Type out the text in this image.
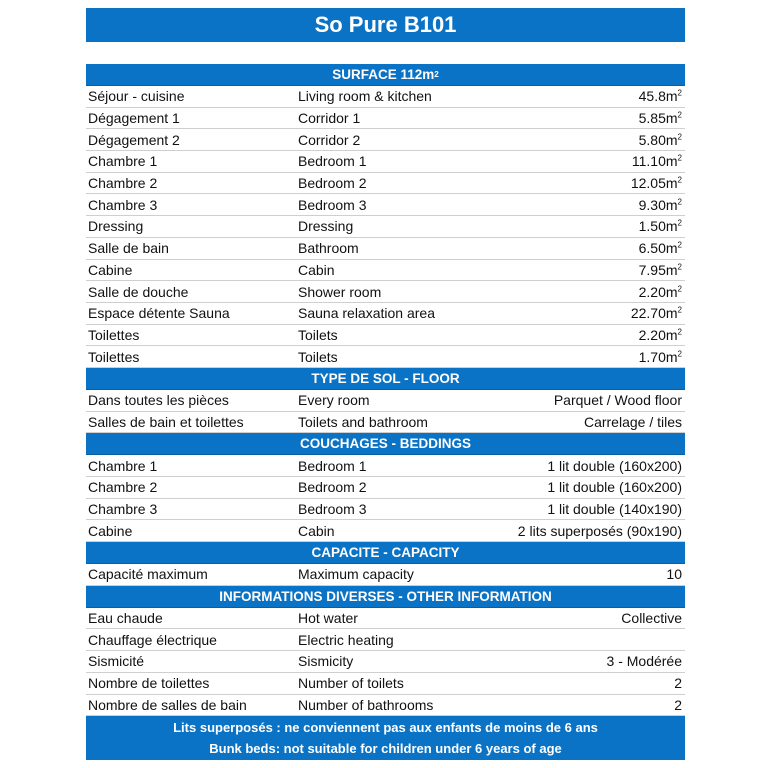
So Pure B101
SURFACE 112m 2
Séjour - cuisine	Living room & kitchen	$45.8m^2$
Dégagement 1	Corridor 1	$5.85m^2$
Dégagement 2	Corridor 2	$5.80m^2$
Chambre 1	Bedroom 1	$11.10m^2$
Chambre 2	Bedroom 2	$12.05m^2$
Chambre 3	Bedroom 3	$9.30m^2$
Dressing	Dressing	$1.50m^2$
Salle de bain	Bathroom	$6.50m^2$
Cabine	Cabin	$7.95m^2$
Salle de douche	Shower room	$2.20m^2$
Espace détente Sauna	Sauna relaxation area	$22.70m^2$
Toilettes	Toilets	$2.20m^2$
Toilettes	Toilets	$1.70m^2$
TYPE DE SOL - FLOOR
Dans toutes les pièces	Every room	Parquet / Wood floor
Salles de bain et toilettes	Toilets and bathroom	Carrelage / tiles
COUCHAGES - BEDDINGS
Chambre 1	Bedroom 1	1 lit double (160x200)
Chambre 2	Bedroom 2	1 lit double (160x200)
Chambre 3	Bedroom 3	1 lit double (140x190)
Cabine	Cabin	2 lits superposés (90x190)
CAPACITE - CAPACITY
Capacité maximum	Maximum capacity	10
INFORMATIONS DIVERSES - OTHER INFORMATION
Eau chaude	Hot water	Collective
Chauffage électrique	Electric heating
Sismicité	Sismicity	3 - Modérée
Nombre de toilettes	Number of toilets	2
Nombre de salles de bain	Number of bathrooms	2
Lits superposés : ne conviennent pas aux enfants de moins de 6 ans
Bunk beds: not suitable for children under 6 years of age
